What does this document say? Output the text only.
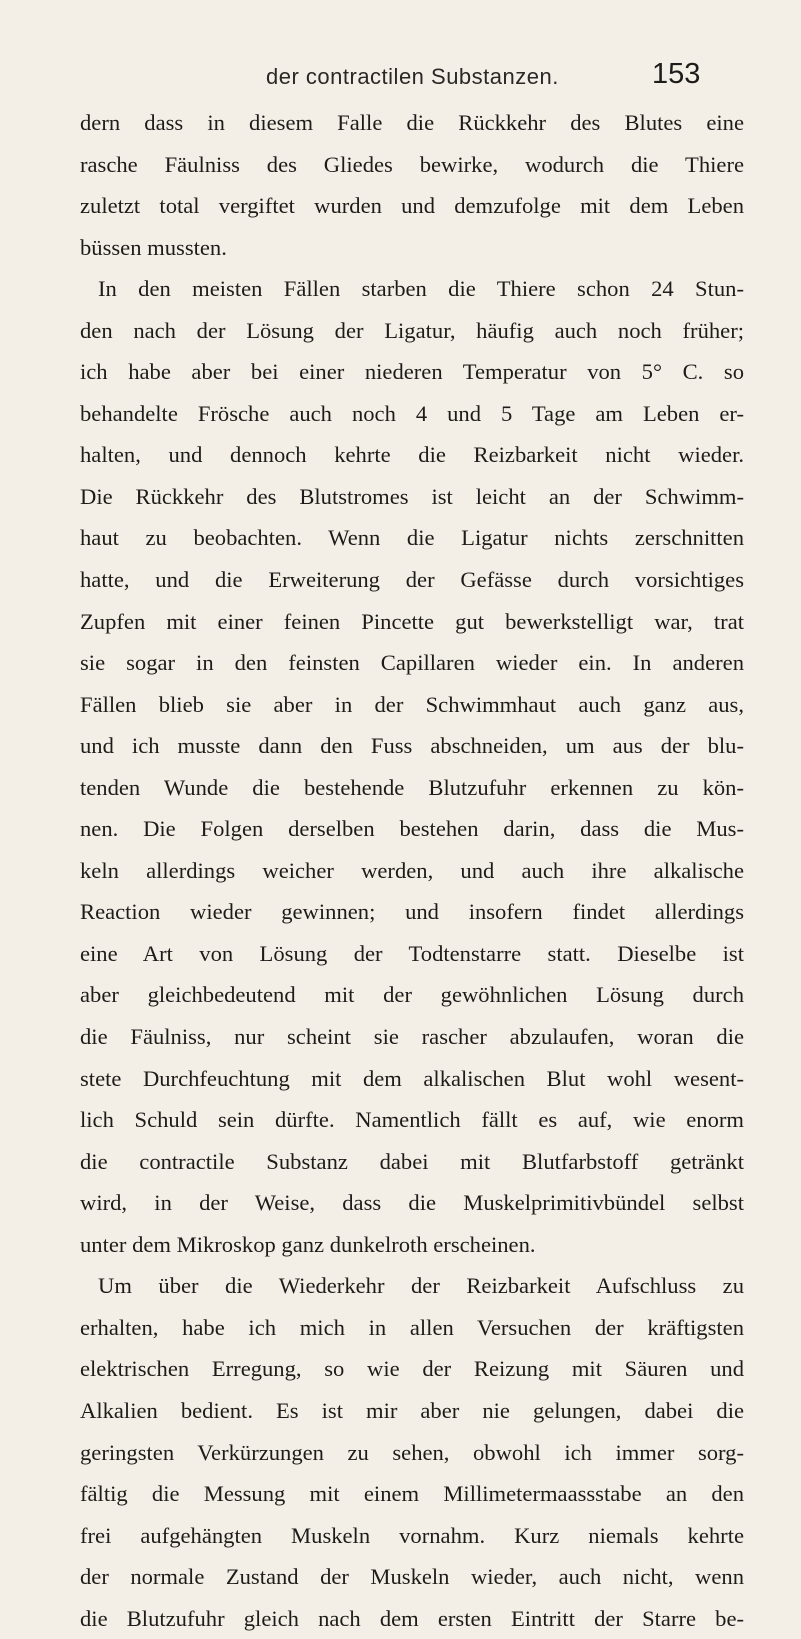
der contractilen Substanzen.	153
dern dass in diesem Falle die Rückkehr des Blutes eine
rasche Fäulniss des Gliedes bewirke, wodurch die Thiere
zuletzt total vergiftet wurden und demzufolge mit dem Leben
büssen mussten.
In den meisten Fällen starben die Thiere schon 24 Stun-
den nach der Lösung der Ligatur, häufig auch noch früher;
ich habe aber bei einer niederen Temperatur von 5° C. so
behandelte Frösche auch noch 4 und 5 Tage am Leben er-
halten, und dennoch kehrte die Reizbarkeit nicht wieder.
Die Rückkehr des Blutstromes ist leicht an der Schwimm-
haut zu beobachten. Wenn die Ligatur nichts zerschnitten
hatte, und die Erweiterung der Gefässe durch vorsichtiges
Zupfen mit einer feinen Pincette gut bewerkstelligt war, trat
sie sogar in den feinsten Capillaren wieder ein. In anderen
Fällen blieb sie aber in der Schwimmhaut auch ganz aus,
und ich musste dann den Fuss abschneiden, um aus der blu-
tenden Wunde die bestehende Blutzufuhr erkennen zu kön-
nen. Die Folgen derselben bestehen darin, dass die Mus-
keln allerdings weicher werden, und auch ihre alkalische
Reaction wieder gewinnen; und insofern findet allerdings
eine Art von Lösung der Todtenstarre statt. Dieselbe ist
aber gleichbedeutend mit der gewöhnlichen Lösung durch
die Fäulniss, nur scheint sie rascher abzulaufen, woran die
stete Durchfeuchtung mit dem alkalischen Blut wohl wesent-
lich Schuld sein dürfte. Namentlich fällt es auf, wie enorm
die contractile Substanz dabei mit Blutfarbstoff getränkt
wird, in der Weise, dass die Muskelprimitivbündel selbst
unter dem Mikroskop ganz dunkelroth erscheinen.
Um über die Wiederkehr der Reizbarkeit Aufschluss zu
erhalten, habe ich mich in allen Versuchen der kräftigsten
elektrischen Erregung, so wie der Reizung mit Säuren und
Alkalien bedient. Es ist mir aber nie gelungen, dabei die
geringsten Verkürzungen zu sehen, obwohl ich immer sorg-
fältig die Messung mit einem Millimetermaassstabe an den
frei aufgehängten Muskeln vornahm. Kurz niemals kehrte
der normale Zustand der Muskeln wieder, auch nicht, wenn
die Blutzufuhr gleich nach dem ersten Eintritt der Starre be-
